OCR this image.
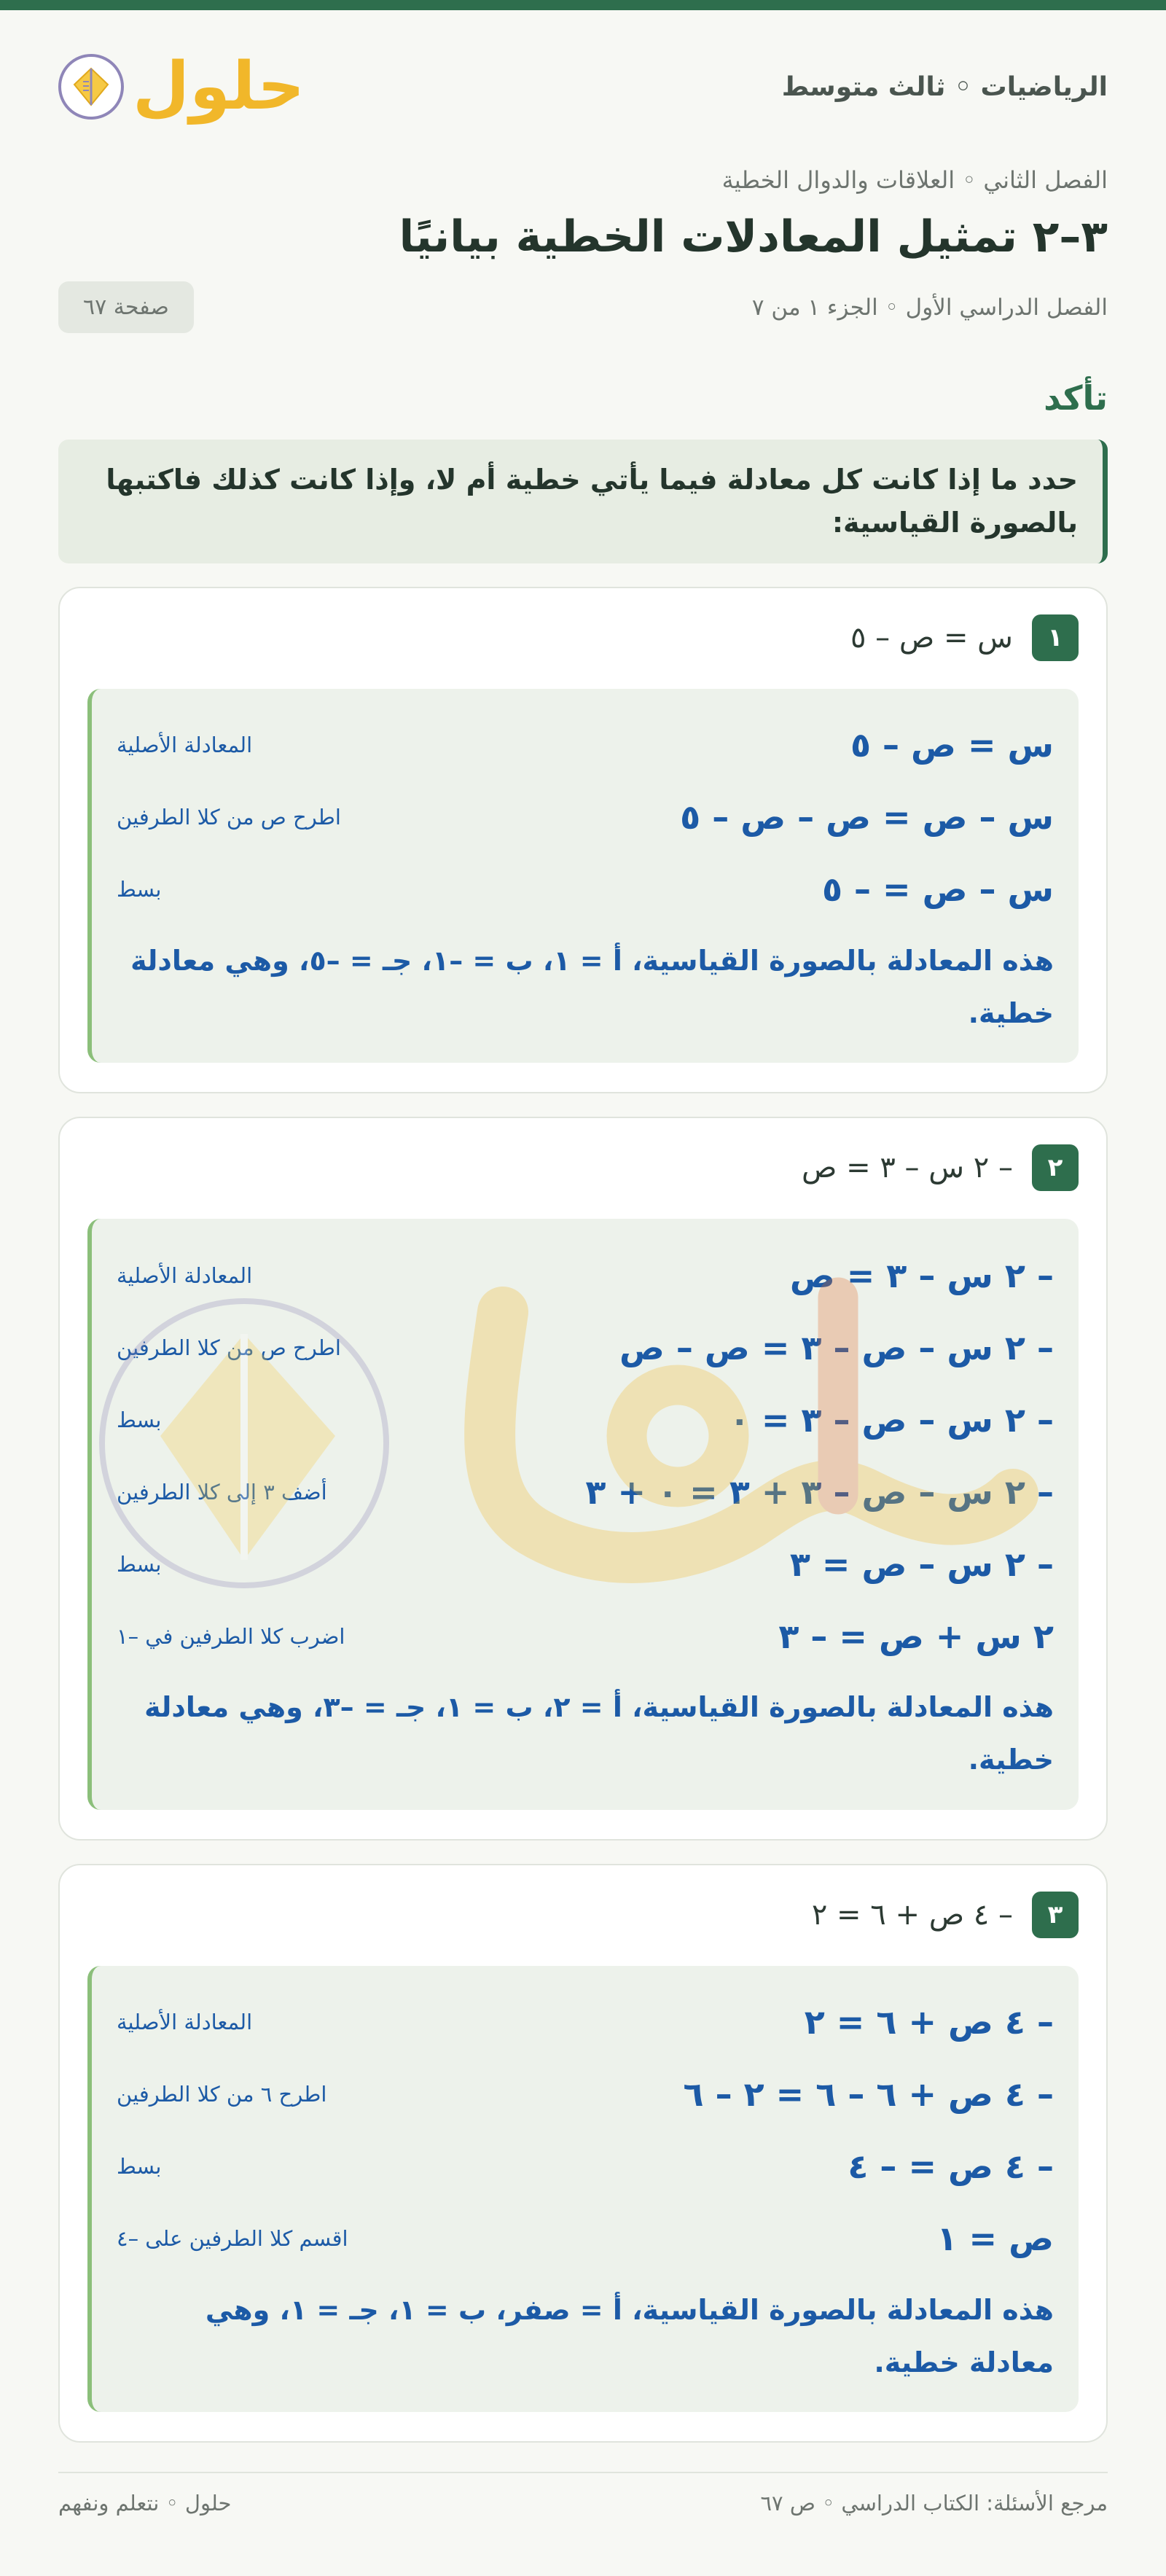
الرياضيات ◦ ثالث متوسط
حلول
الفصل الثاني ◦ العلاقات والدوال الخطية
٣–٢ تمثيل المعادلات الخطية بيانيًا
الفصل الدراسي الأول ◦ الجزء ١ من ٧
صفحة ٦٧
تأكد
حدد ما إذا كانت كل معادلة فيما يأتي خطية أم لا، وإذا كانت كذلك فاكتبها بالصورة القياسية:
١
س = ص – ٥
س = ص – ٥
المعادلة الأصلية
س – ص = ص – ص – ٥
اطرح ص من كلا الطرفين
س – ص = – ٥
بسط
هذه المعادلة بالصورة القياسية، أ = ١، ب = –١، جـ = –٥، وهي معادلة خطية.
٢
– ٢ س – ٣ = ص
– ٢ س – ٣ = ص
المعادلة الأصلية
– ٢ س – ص – ٣ = ص – ص
اطرح ص من كلا الطرفين
– ٢ س – ص – ٣ = ٠
بسط
– ٢ س – ص – ٣ + ٣ = ٠ + ٣
أضف ٣ إلى كلا الطرفين
– ٢ س – ص = ٣
بسط
٢ س + ص = – ٣
اضرب كلا الطرفين في –١
هذه المعادلة بالصورة القياسية، أ = ٢، ب = ١، جـ = –٣، وهي معادلة خطية.
٣
– ٤ ص + ٦ = ٢
– ٤ ص + ٦ = ٢
المعادلة الأصلية
– ٤ ص + ٦ – ٦ = ٢ – ٦
اطرح ٦ من كلا الطرفين
– ٤ ص = – ٤
بسط
ص = ١
اقسم كلا الطرفين على –٤
هذه المعادلة بالصورة القياسية، أ = صفر، ب = ١، جـ = ١، وهي معادلة خطية.
مرجع الأسئلة: الكتاب الدراسي ◦ ص ٦٧
حلول ◦ نتعلم ونفهم
